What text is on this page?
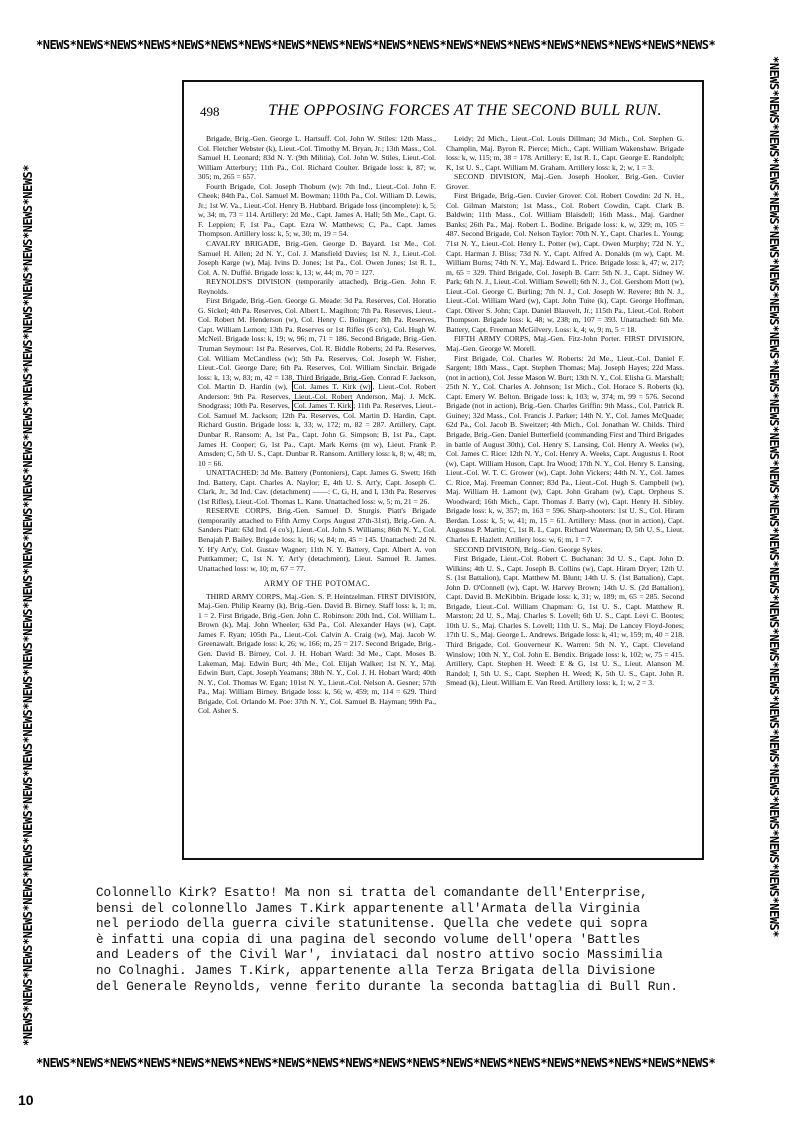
*NEWS*NEWS*NEWS*NEWS*NEWS*NEWS*NEWS*NEWS*NEWS*NEWS*NEWS*NEWS*NEWS*NEWS*NEWS*NEWS*NEWS*NEWS*NEWS*NEWS*
*NEWS*NEWS*NEWS*NEWS*NEWS*NEWS*NEWS*NEWS*NEWS*NEWS*NEWS*NEWS*NEWS*NEWS*NEWS*NEWS*NEWS*NEWS*NEWS*NEWS*NEWS*NEWS*NEWS*NEWS*NEWS*NEWS*	*NEWS*NEWS*NEWS*NEWS*NEWS*NEWS*NEWS*NEWS*NEWS*NEWS*NEWS*NEWS*NEWS*NEWS*NEWS*NEWS*NEWS*NEWS*NEWS*NEWS*NEWS*NEWS*NEWS*NEWS*NEWS*NEWS*
*NEWS*NEWS*NEWS*NEWS*NEWS*NEWS*NEWS*NEWS*NEWS*NEWS*NEWS*NEWS*NEWS*NEWS*NEWS*NEWS*NEWS*NEWS*NEWS*NEWS*
498	THE OPPOSING FORCES AT THE SECOND BULL RUN.

Brigade, Brig.-Gen. George L. Hartsuff. Col. John W. Stiles: 12th Mass., Col. Fletcher Webster (k), Lieut.-Col. Timothy M. Bryan, Jr.; 13th Mass., Col. Samuel H. Leonard; 83d N. Y. (9th Militia), Col. John W. Stiles, Lieut.-Col. William Atterbury; 11th Pa., Col. Richard Coulter. Brigade loss: k, 87; w, 305; m, 265 = 657.

Fourth Brigade, Col. Joseph Thoburn (w): 7th Ind., Lieut.-Col. John F. Cheek; 84th Pa., Col. Samuel M. Bowman; 110th Pa., Col. William D. Lewis, Jr.; 1st W. Va., Lieut.-Col. Henry B. Hubbard. Brigade loss (incomplete): k, 5; w, 34; m, 73 = 114. Artillery: 2d Me., Capt. James A. Hall; 5th Me., Capt. G. F. Leppien; F, 1st Pa., Capt. Ezra W. Matthews; C, Pa., Capt. James Thompson. Artillery loss: k, 5; w, 30; m, 19 = 54.

CAVALRY BRIGADE, Brig.-Gen. George D. Bayard. 1st Me., Col. Samuel H. Allen; 2d N. Y., Col. J. Mansfield Davies; 1st N. J., Lieut.-Col. Joseph Karge (w), Maj. Ivins D. Jones; 1st Pa., Col. Owen Jones; 1st R. I., Col. A. N. Duffié. Brigade loss: k, 13; w, 44; m, 70 = 127.

REYNOLDS'S DIVISION (temporarily attached), Brig.-Gen. John F. Reynolds.

First Brigade, Brig.-Gen. George G. Meade: 3d Pa. Reserves, Col. Horatio G. Sickel; 4th Pa. Reserves, Col. Albert L. Magilton; 7th Pa. Reserves, Lieut.-Col. Robert M. Henderson (w), Col. Henry C. Bolinger; 8th Pa. Reserves, Capt. William Lemon; 13th Pa. Reserves or 1st Rifles (6 co's), Col. Hugh W. McNeil. Brigade loss: k, 19; w, 96; m, 71 = 186. Second Brigade, Brig.-Gen. Truman Seymour: 1st Pa. Reserves, Col. R. Biddle Roberts; 2d Pa. Reserves, Col. William McCandless (w); 5th Pa. Reserves, Col. Joseph W. Fisher, Lieut.-Col. George Dare; 6th Pa. Reserves, Col. William Sinclair. Brigade loss: k, 13; w, 83; m, 42 = 138. Third Brigade, Brig.-Gen. Conrad F. Jackson, Col. Martin D. Hardin (w), Col. James T. Kirk (w) , Lieut.-Col. Robert Anderson: 9th Pa. Reserves, Lieut.-Col. Robert Anderson, Maj. J. McK. Snodgrass; 10th Pa. Reserves, Col. James T. Kirk ; 11th Pa. Reserves, Lieut.-Col. Samuel M. Jackson; 12th Pa. Reserves, Col. Martin D. Hardin, Capt. Richard Gustin. Brigade loss: k, 33; w, 172; m, 82 = 287. Artillery, Capt. Dunbar R. Ransom: A, 1st Pa., Capt. John G. Simpson; B, 1st Pa., Capt. James H. Cooper; G, 1st Pa., Capt. Mark Kerns (m w), Lieut. Frank P. Amsden; C, 5th U. S., Capt. Dunbar R. Ransom. Artillery loss: k, 8; w, 48; m, 10 = 66.

UNATTACHED: 3d Me. Battery (Pontoniers), Capt. James G. Swett; 16th Ind. Battery, Capt. Charles A. Naylor; E, 4th U. S. Art'y, Capt. Joseph C. Clark, Jr., 3d Ind. Cav. (detachment) ——: C, G, H, and I, 13th Pa. Reserves (1st Rifles), Lieut.-Col. Thomas L. Kane. Unattached loss: w, 5; m, 21 = 26.

RESERVE CORPS, Brig.-Gen. Samuel D. Sturgis. Piatt's Brigade (temporarily attached to Fifth Army Corps August 27th-31st), Brig.-Gen. A. Sanders Piatt: 63d Ind. (4 co's), Lieut.-Col. John S. Williams; 86th N. Y., Col. Benajah P. Bailey. Brigade loss: k, 16; w, 84; m, 45 = 145. Unattached: 2d N. Y. H'y Art'y, Col. Gustav Wagner; 11th N. Y. Battery, Capt. Albert A. von Puttkammer; C, 1st N. Y. Art'y (detachment), Lieut. Samuel R. James. Unattached loss: w, 10; m, 67 = 77.

ARMY OF THE POTOMAC.

THIRD ARMY CORPS, Maj.-Gen. S. P. Heintzelman. FIRST DIVISION, Maj.-Gen. Philip Kearny (k), Brig.-Gen. David B. Birney. Staff loss: k, 1; m, 1 = 2. First Brigade, Brig.-Gen. John C. Robinson: 20th Ind., Col. William L. Brown (k), Maj. John Wheeler; 63d Pa., Col. Alexander Hays (w), Capt. James F. Ryan; 105th Pa., Lieut.-Col. Calvin A. Craig (w), Maj. Jacob W. Greenawalt. Brigade loss: k, 26; w, 166; m, 25 = 217. Second Brigade, Brig.-Gen. David B. Birney, Col. J. H. Hobart Ward: 3d Me., Capt. Moses B. Lakeman, Maj. Edwin Burt; 4th Me., Col. Elijah Walker; 1st N. Y., Maj. Edwin Burt, Capt. Joseph Yeamans; 38th N. Y., Col. J. H. Hobart Ward; 40th N. Y., Col. Thomas W. Egan; 101st N. Y., Lieut.-Col. Nelson A. Gesner; 57th Pa., Maj. William Birney. Brigade loss: k, 56; w, 459; m, 114 = 629. Third Brigade, Col. Orlando M. Poe: 37th N. Y., Col. Samuel B. Hayman; 99th Pa., Col. Asher S.

Leidy; 2d Mich., Lieut.-Col. Louis Dillman; 3d Mich., Col. Stephen G. Champlin, Maj. Byron R. Pierce; Mich., Capt. William Wakenshaw. Brigade loss: k, w, 115; m, 38 = 178. Artillery: E, 1st R. I., Capt. George E. Randolph; K, 1st U. S., Capt. William M. Graham. Artillery loss: k, 2; w, 1 = 3.

SECOND DIVISION, Maj.-Gen. Joseph Hooker, Brig.-Gen. Cuvier Grover.

First Brigade, Brig.-Gen. Cuvier Grover. Col. Robert Cowdin: 2d N. H., Col. Gilman Marston; 1st Mass., Col. Robert Cowdin, Capt. Clark B. Baldwin; 11th Mass., Col. William Blaisdell; 16th Mass., Maj. Gardner Banks; 26th Pa., Maj. Robert L. Bodine. Brigade loss: k, w, 329; m, 105 = 487. Second Brigade, Col. Nelson Taylor: 70th N. Y., Capt. Charles L. Young; 71st N. Y., Lieut.-Col. Henry L. Potter (w), Capt. Owen Murphy; 72d N. Y., Capt. Harman J. Bliss; 73d N. Y., Capt. Alfred A. Donalds (m w), Capt. M. William Burns; 74th N. Y., Maj. Edward L. Price. Brigade loss: k, 47; w, 217; m, 65 = 329. Third Brigade, Col. Joseph B. Carr: 5th N. J., Capt. Sidney W. Park; 6th N. J., Lieut.-Col. William Sewell; 6th N. J., Col. Gershom Mott (w), Lieut.-Col. George C. Burling; 7th N. J., Col. Joseph W. Revere; 8th N. J., Lieut.-Col. William Ward (w), Capt. John Tuite (k), Capt. George Hoffman, Capt. Oliver S. John; Capt. Daniel Blauvelt, Jr.; 115th Pa., Lieut.-Col. Robert Thompson. Brigade loss: k, 48; w, 238; m, 107 = 393. Unattached: 6th Me. Battery, Capt. Freeman McGilvery. Loss: k, 4; w, 9; m, 5 = 18.

FIFTH ARMY CORPS, Maj.-Gen. Fitz-John Porter. FIRST DIVISION, Maj.-Gen. George W. Morell.

First Brigade, Col. Charles W. Roberts: 2d Me., Lieut.-Col. Daniel F. Sargent; 18th Mass., Capt. Stephen Thomas; Maj. Joseph Hayes; 22d Mass. (not in action), Col. Jesse Mason W. Burt; 13th N. Y., Col. Elisha G. Marshall; 25th N. Y., Col. Charles A. Johnson; 1st Mich., Col. Horace S. Roberts (k), Capt. Emery W. Belton. Brigade loss: k, 103; w, 374; m, 99 = 576. Second Brigade (not in action), Brig.-Gen. Charles Griffin: 9th Mass., Col. Patrick R. Guiney; 32d Mass., Col. Francis J. Parker; 14th N. Y., Col. James McQuade; 62d Pa., Col. Jacob B. Sweitzer; 4th Mich., Col. Jonathan W. Childs. Third Brigade, Brig.-Gen. Daniel Butterfield (commanding First and Third Brigades in battle of August 30th), Col. Henry S. Lansing, Col. Henry A. Weeks (w), Col. James C. Rice: 12th N. Y., Col. Henry A. Weeks, Capt. Augustus I. Root (w), Capt. William Huson, Capt. Ira Wood; 17th N. Y., Col. Henry S. Lansing, Lieut.-Col. W. T. C. Grower (w), Capt. John Vickers; 44th N. Y., Col. James C. Rice, Maj. Freeman Conner; 83d Pa., Lieut.-Col. Hugh S. Campbell (w), Maj. William H. Lamont (w), Capt. John Graham (w), Capt. Orpheus S. Woodward; 16th Mich., Capt. Thomas J. Barry (w), Capt. Henry H. Sibley. Brigade loss: k, w, 357; m, 163 = 596. Sharp-shooters: 1st U. S., Col. Hiram Berdan. Loss: k, 5; w, 41; m, 15 = 61. Artillery: Mass. (not in action), Capt. Augustus P. Martin; C, 1st R. I., Capt. Richard Waterman; D, 5th U. S., Lieut. Charles E. Hazlett. Artillery loss: w, 6; m, 1 = 7.

SECOND DIVISION, Brig.-Gen. George Sykes.

First Brigade, Lieut.-Col. Robert C. Buchanan: 3d U. S., Capt. John D. Wilkins; 4th U. S., Capt. Joseph B. Collins (w), Capt. Hiram Dryer; 12th U. S. (1st Battalion), Capt. Matthew M. Blunt; 14th U. S. (1st Battalion), Capt. John D. O'Connell (w), Capt. W. Harvey Brown; 14th U. S. (2d Battalion), Capt. David B. McKibbin. Brigade loss: k, 31; w, 189; m, 65 = 285. Second Brigade, Lieut.-Col. William Chapman: G, 1st U. S., Capt. Matthew R. Marston; 2d U. S., Maj. Charles S. Lovell; 6th U. S., Capt. Levi C. Bootes; 10th U. S., Maj. Charles S. Lovell; 11th U. S., Maj. De Lancey Floyd-Jones; 17th U. S., Maj. George L. Andrews. Brigade loss: k, 41; w, 159; m, 40 = 218. Third Brigade, Col. Gouverneur K. Warren: 5th N. Y., Capt. Cleveland Winslow; 10th N. Y., Col. John E. Bendix. Brigade loss: k, 102; w, 75 = 415. Artillery, Capt. Stephen H. Weed: E & G, 1st U. S., Lieut. Alanson M. Randol; I, 5th U. S., Capt. Stephen H. Weed; K, 5th U. S., Capt. John R. Smead (k), Lieut. William E. Van Reed. Artillery loss: k, 1; w, 2 = 3.

Colonnello Kirk? Esatto! Ma non si tratta del comandante dell'Enterprise,
bensi del colonnello James T.Kirk appartenente all'Armata della Virginia
nel periodo della guerra civile statunitense. Quella che vedete qui sopra
è infatti una copia di una pagina del secondo volume dell'opera 'Battles
and Leaders of the Civil War', inviataci dal nostro attivo socio Massimilia
no Colnaghi. James T.Kirk, appartenente alla Terza Brigata della Divisione
del Generale Reynolds, venne ferito durante la seconda battaglia di Bull Run.
10
